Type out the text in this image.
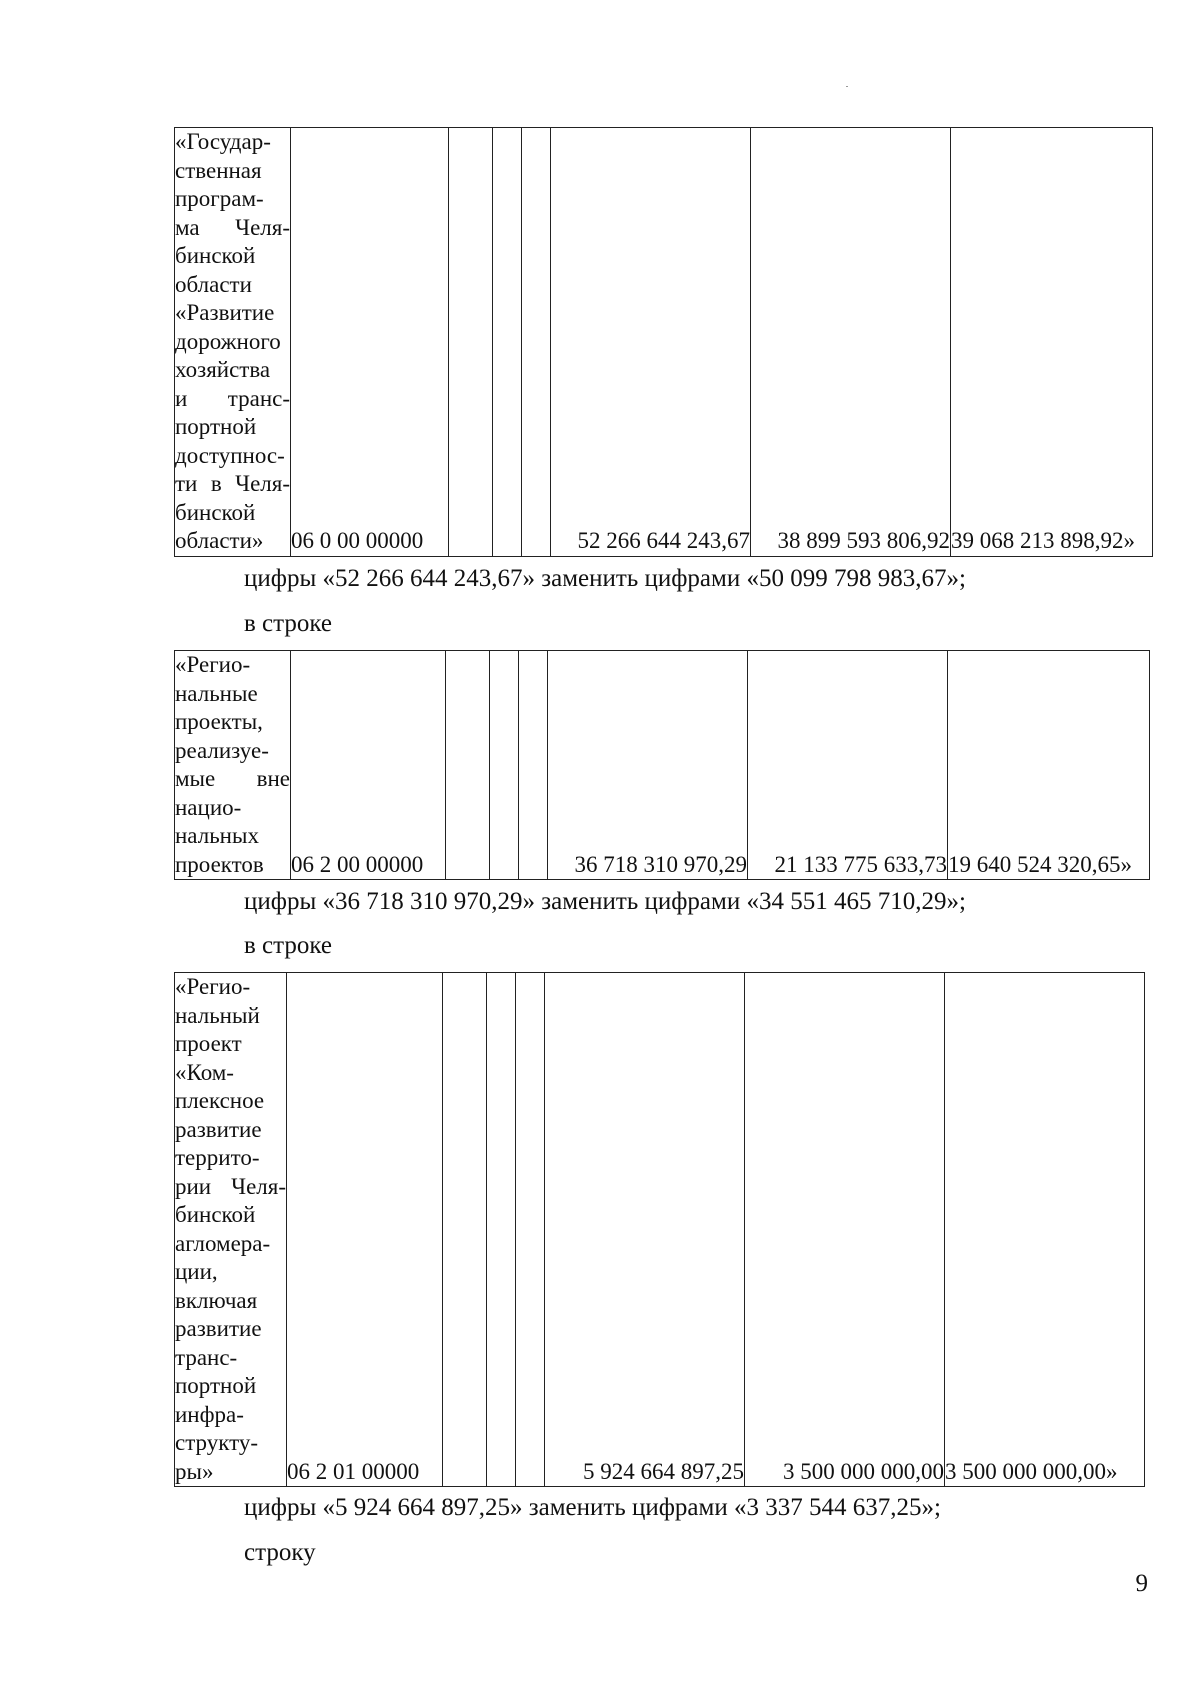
«Государ-
ственная
програм-
ма Челя-
бинской
области
«Развитие
дорожного
хозяйства
и транс-
портной
доступнос-
ти в Челя-
бинской
области»	06 0 00 00000				52 266 644 243,67	38 899 593 806,92	39 068 213 898,92»
цифры «52 266 644 243,67» заменить цифрами «50 099 798 983,67»;
в строке
«Регио-
нальные
проекты,
реализуе-
мые вне
нацио-
нальных
проектов	06 2 00 00000				36 718 310 970,29	21 133 775 633,73	19 640 524 320,65»
цифры «36 718 310 970,29» заменить цифрами «34 551 465 710,29»;
в строке
«Регио-
нальный
проект
«Ком-
плексное
развитие
террито-
рии Челя-
бинской
агломера-
ции,
включая
развитие
транс-
портной
инфра-
структу-
ры»	06 2 01 00000				5 924 664 897,25	3 500 000 000,00	3 500 000 000,00»
цифры «5 924 664 897,25» заменить цифрами «3 337 544 637,25»;
строку
9
